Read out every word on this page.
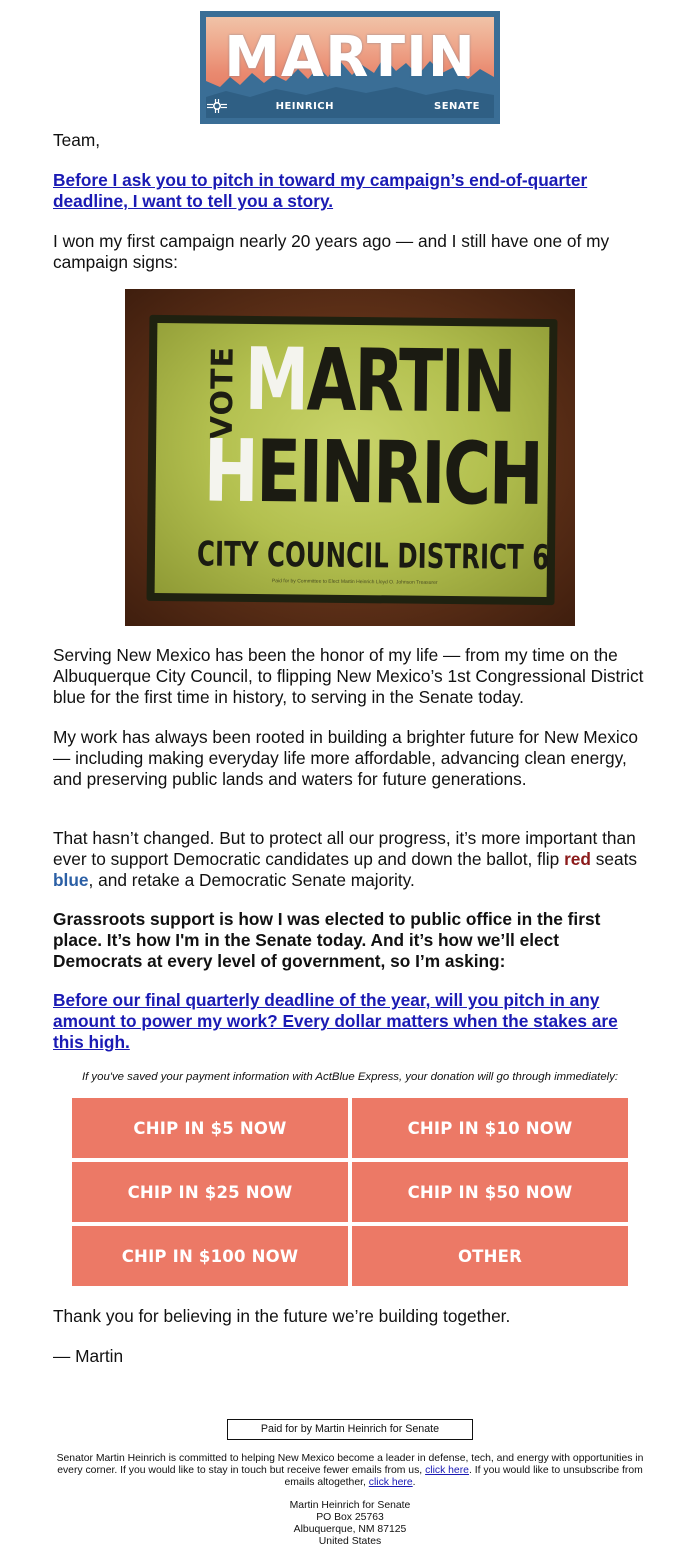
MARTIN
HEINRICH	SENATE
Team,
Before I ask you to pitch in toward my campaign’s end-of-quarter deadline, I want to tell you a story.
I won my first campaign nearly 20 years ago — and I still have one of my campaign signs:
VOTE MARTIN
HEINRICH
CITY COUNCIL DISTRICT 6
Paid for by Committee to Elect Martin Heinrich Lloyd O. Johnson Treasurer
Serving New Mexico has been the honor of my life — from my time on the Albuquerque City Council, to flipping New Mexico’s 1st Congressional District blue for the first time in history, to serving in the Senate today.
My work has always been rooted in building a brighter future for New Mexico — including making everyday life more affordable, advancing clean energy, and preserving public lands and waters for future generations.
That hasn’t changed. But to protect all our progress, it’s more important than ever to support Democratic candidates up and down the ballot, flip red seats blue, and retake a Democratic Senate majority.
Grassroots support is how I was elected to public office in the first place. It’s how I'm in the Senate today. And it’s how we’ll elect Democrats at every level of government, so I’m asking:
Before our final quarterly deadline of the year, will you pitch in any amount to power my work? Every dollar matters when the stakes are this high.
If you've saved your payment information with ActBlue Express, your donation will go through immediately:
CHIP IN $5 NOW	CHIP IN $10 NOW
CHIP IN $25 NOW	CHIP IN $50 NOW
CHIP IN $100 NOW	OTHER
Thank you for believing in the future we’re building together.
— Martin
Paid for by Martin Heinrich for Senate
Senator Martin Heinrich is committed to helping New Mexico become a leader in defense, tech, and energy with opportunities in every corner. If you would like to stay in touch but receive fewer emails from us, click here. If you would like to unsubscribe from emails altogether, click here.
Martin Heinrich for Senate
PO Box 25763
Albuquerque, NM 87125
United States
